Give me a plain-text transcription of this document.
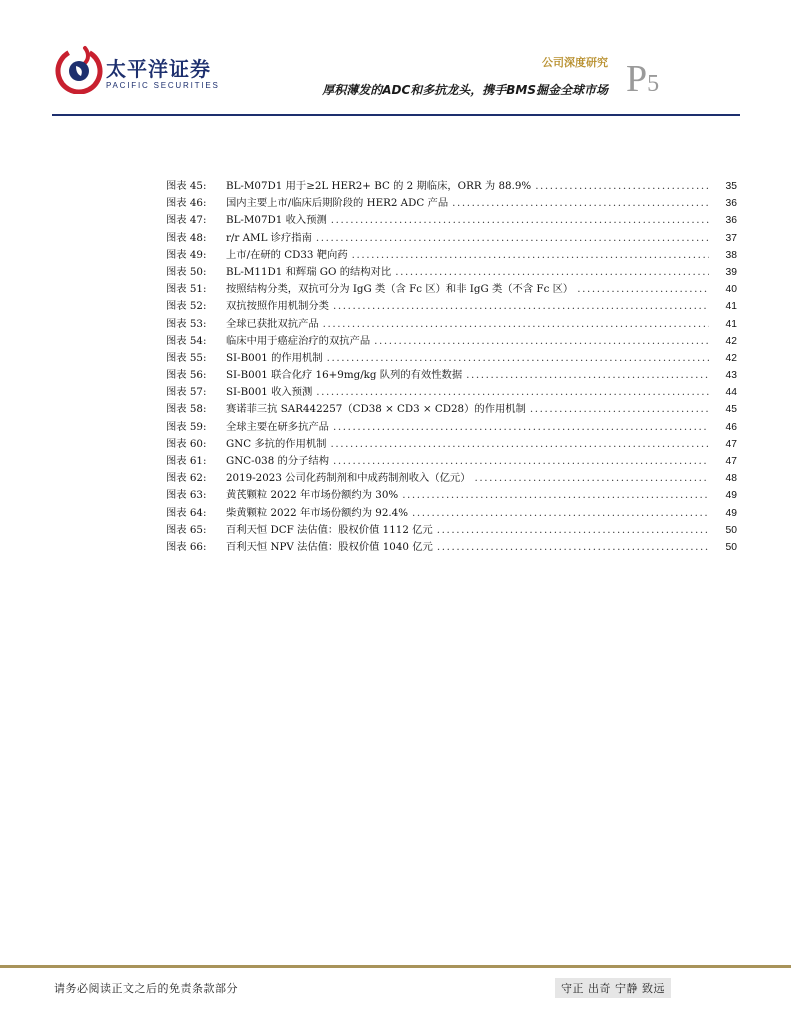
太平洋证券
PACIFIC SECURITIES
公司深度研究
厚积薄发的ADC和多抗龙头，携手BMS掘金全球市场 P5
图表 45:	BL-M07D1 用于≥2L HER2+ BC 的 2 期临床，ORR 为 88.9% .....	35
图表 46:	国内主要上市/临床后期阶段的 HER2 ADC 产品 .....	36
图表 47:	BL-M07D1 收入预测 .....	36
图表 48:	r/r AML 诊疗指南 .....	37
图表 49:	上市/在研的 CD33 靶向药 .....	38
图表 50:	BL-M11D1 和辉瑞 GO 的结构对比 .....	39
图表 51:	按照结构分类，双抗可分为 IgG 类（含 Fc 区）和非 IgG 类（不含 Fc 区） .....	40
图表 52:	双抗按照作用机制分类 .....	41
图表 53:	全球已获批双抗产品 .....	41
图表 54:	临床中用于癌症治疗的双抗产品 .....	42
图表 55:	SI-B001 的作用机制 .....	42
图表 56:	SI-B001 联合化疗 16+9mg/kg 队列的有效性数据 .....	43
图表 57:	SI-B001 收入预测 .....	44
图表 58:	赛诺菲三抗 SAR442257（CD38 × CD3 × CD28）的作用机制 .....	45
图表 59:	全球主要在研多抗产品 .....	46
图表 60:	GNC 多抗的作用机制 .....	47
图表 61:	GNC-038 的分子结构 .....	47
图表 62:	2019-2023 公司化药制剂和中成药制剂收入（亿元） .....	48
图表 63:	黄芪颗粒 2022 年市场份额约为 30% .....	49
图表 64:	柴黄颗粒 2022 年市场份额约为 92.4% .....	49
图表 65:	百利天恒 DCF 法估值：股权价值 1112 亿元 .....	50
图表 66:	百利天恒 NPV 法估值：股权价值 1040 亿元 .....	50
请务必阅读正文之后的免责条款部分	守正 出奇 宁静 致远
